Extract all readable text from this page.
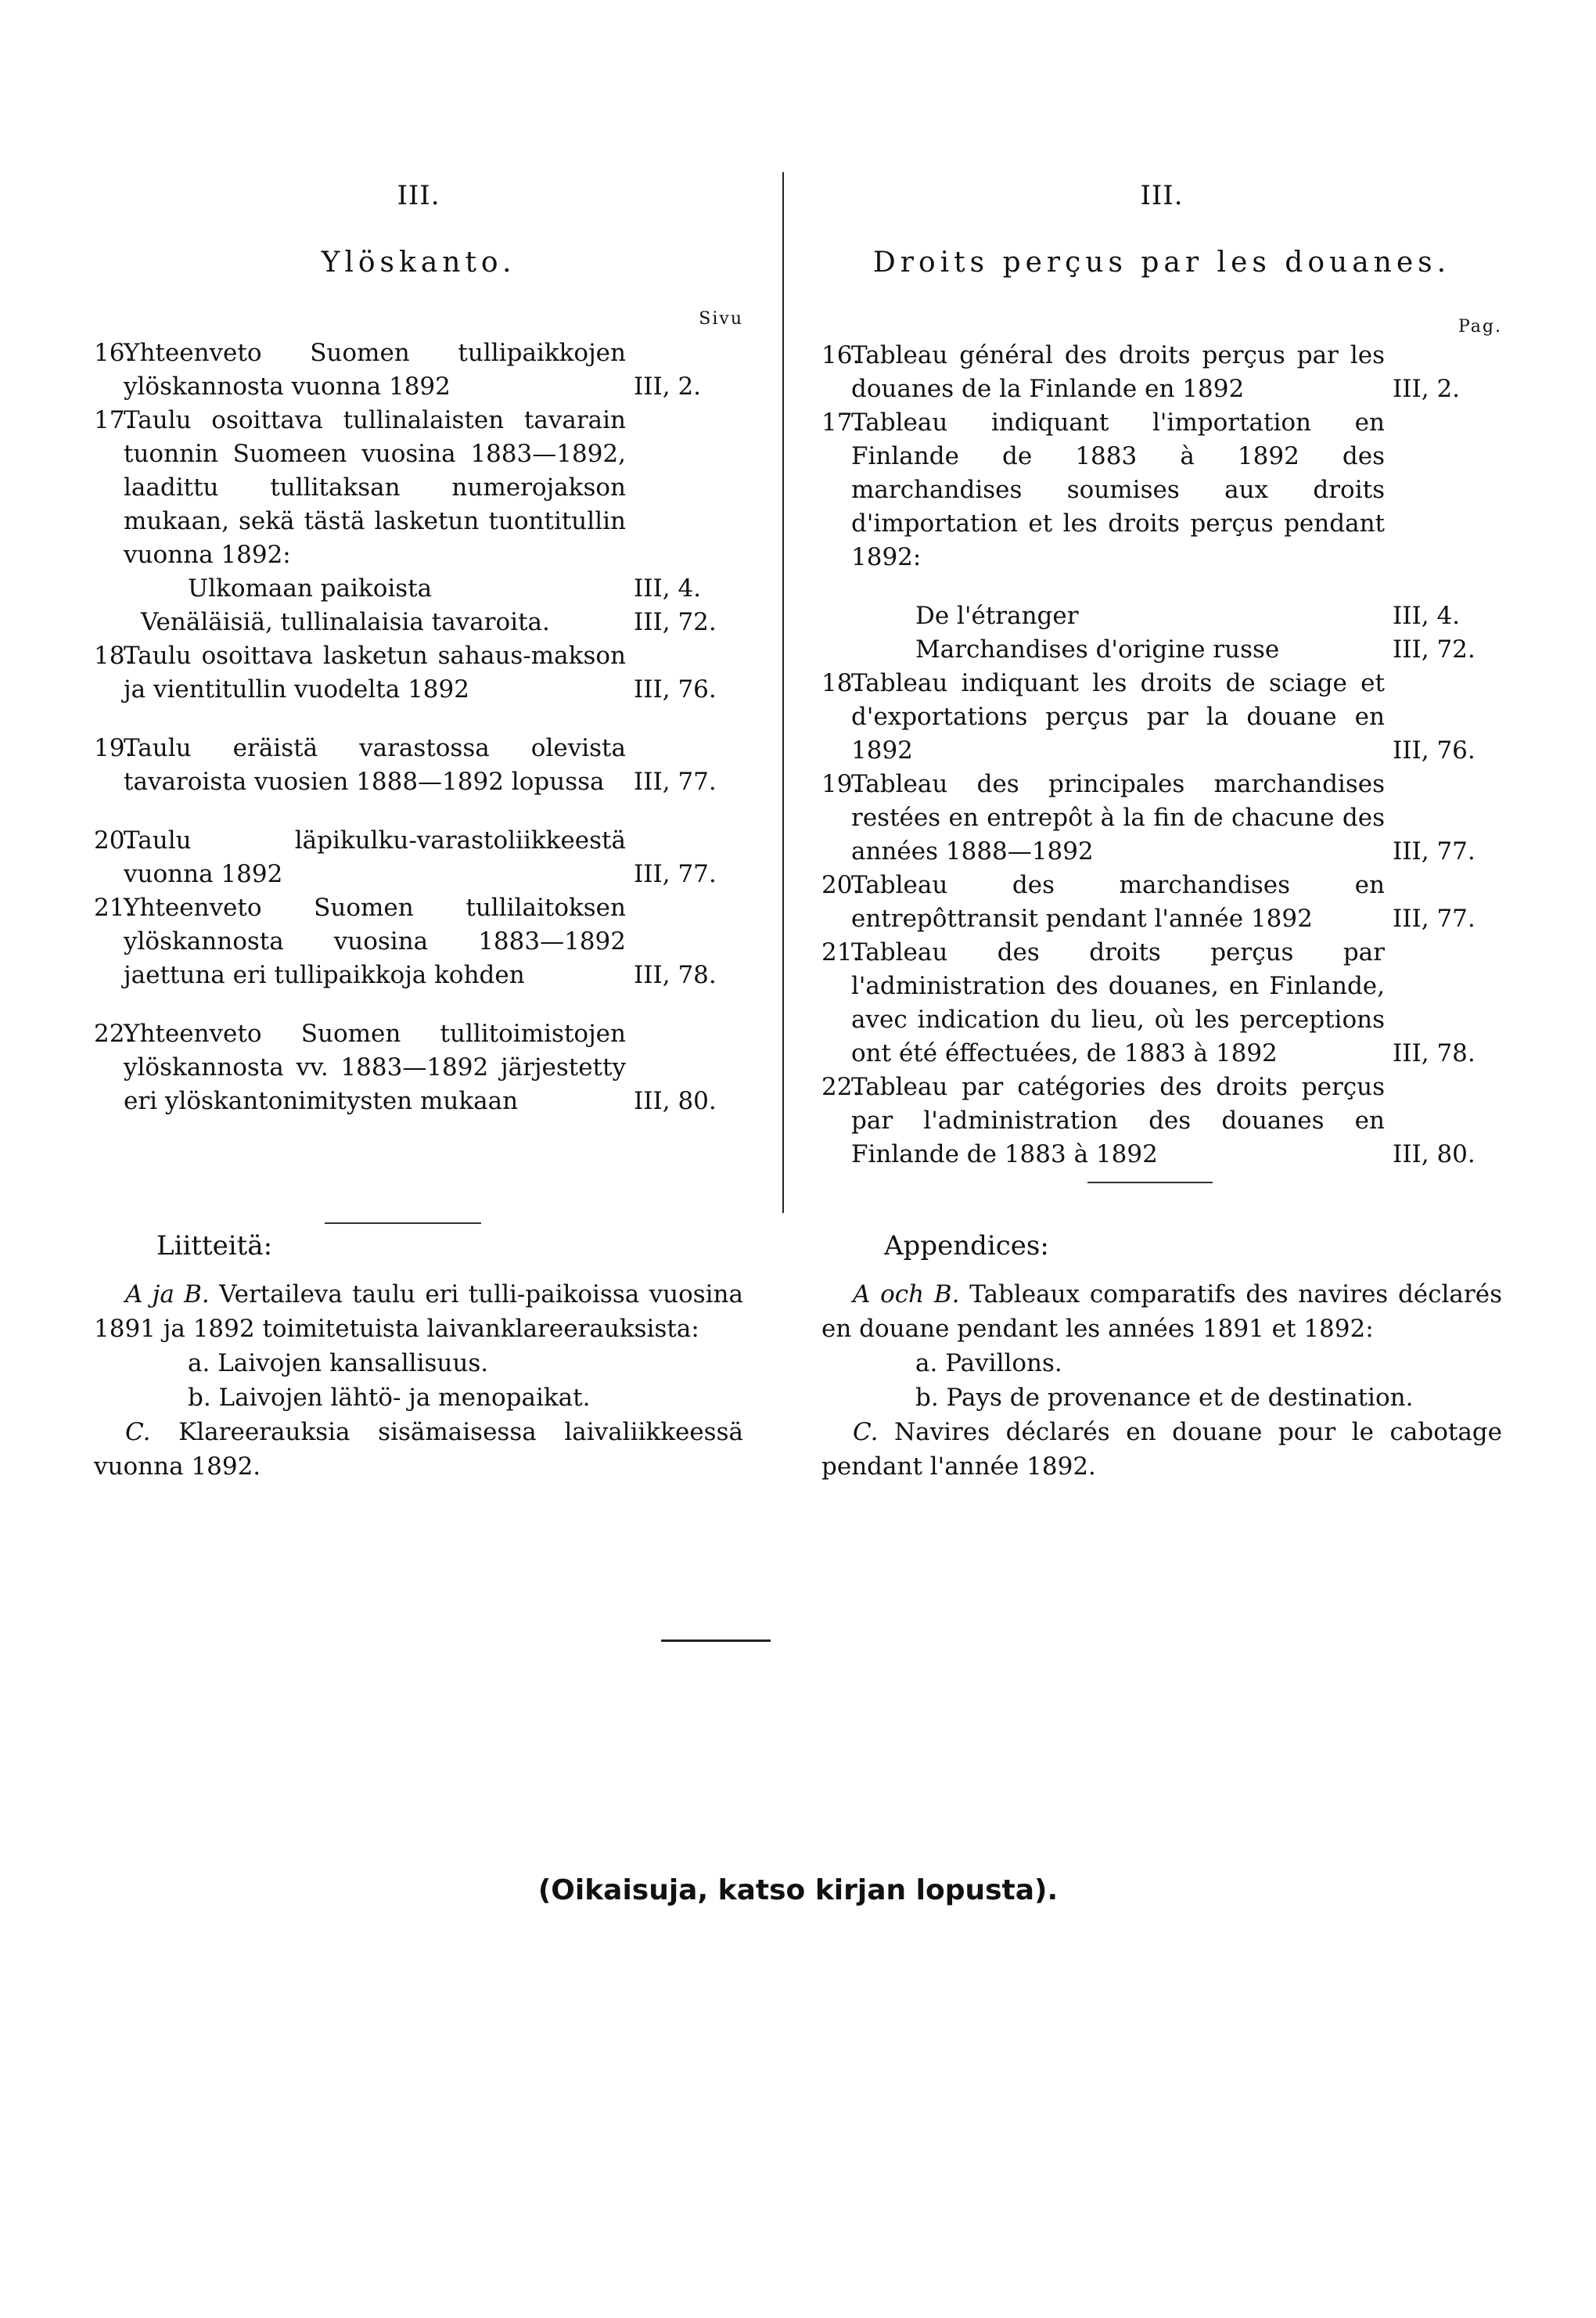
III.
Ylöskanto.
Sivu
16.
Yhteenveto Suomen tullipaikkojen ylöskannosta vuonna 1892	III, 2.
17.
Taulu osoittava tullinalaisten tavarain tuonnin Suomeen vuosina 1883—1892, laadittu tullitaksan numerojakson mukaan, sekä tästä lasketun tuontitullin vuonna 1892:
Ulkomaan paikoista	III, 4.
Venäläisiä, tullinalaisia tavaroita.	III, 72.
18.
Taulu osoittava lasketun sahaus-makson ja vientitullin vuodelta 1892	III, 76.
19.
Taulu eräistä varastossa olevista tavaroista vuosien 1888—1892 lopussa	III, 77.
20.
Taulu läpikulku-varastoliikkeestä vuonna 1892	III, 77.
21.
Yhteenveto Suomen tullilaitoksen ylöskannosta vuosina 1883—1892 jaettuna eri tullipaikkoja kohden	III, 78.
22.
Yhteenveto Suomen tullitoimistojen ylöskannosta vv. 1883—1892 järjestetty eri ylöskantonimitysten mukaan	III, 80.
Liitteitä:

A ja B. Vertaileva taulu eri tulli-paikoissa vuosina 1891 ja 1892 toimitetuista laivanklareerauksista:

a. Laivojen kansallisuus.

b. Laivojen lähtö- ja menopaikat.

C. Klareerauksia sisämaisessa laivaliikkeessä vuonna 1892.

III.
Droits perçus par les douanes.
Pag.
16.
Tableau général des droits perçus par les douanes de la Finlande en 1892	III, 2.
17.
Tableau indiquant l'importation en Finlande de 1883 à 1892 des marchandises soumises aux droits d'importation et les droits perçus pendant 1892:
De l'étranger	III, 4.
Marchandises d'origine russe	III, 72.
18.
Tableau indiquant les droits de sciage et d'exportations perçus par la douane en 1892	III, 76.
19.
Tableau des principales marchandises restées en entrepôt à la fin de chacune des années 1888—1892	III, 77.
20.
Tableau des marchandises en entrepôttransit pendant l'année 1892	III, 77.
21.
Tableau des droits perçus par l'administration des douanes, en Finlande, avec indication du lieu, où les perceptions ont été éffectuées, de 1883 à 1892	III, 78.
22.
Tableau par catégories des droits perçus par l'administration des douanes en Finlande de 1883 à 1892	III, 80.
Appendices:

A och B. Tableaux comparatifs des navires déclarés en douane pendant les années 1891 et 1892:

a. Pavillons.

b. Pays de provenance et de destination.

C. Navires déclarés en douane pour le cabotage pendant l'année 1892.

(Oikaisuja, katso kirjan lopusta).
